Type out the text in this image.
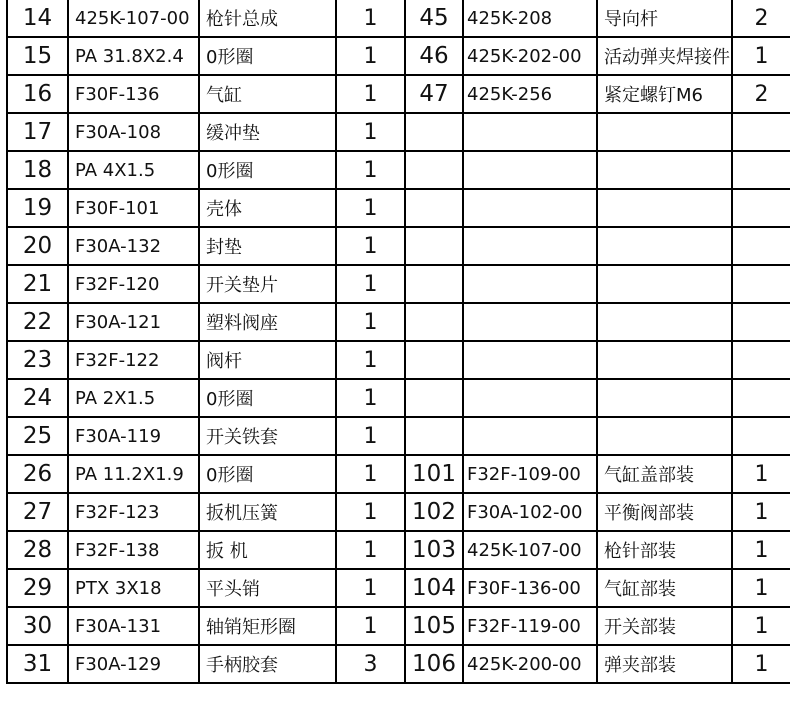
14	425K-107-00	枪针总成	1	45	425K-208	导向杆	2
15	PA 31.8X2.4	0形圈	1	46	425K-202-00	活动弹夹焊接件	1
16	F30F-136	气缸	1	47	425K-256	紧定螺钉M6	2
17	F30A-108	缓冲垫	1				
18	PA 4X1.5	0形圈	1				
19	F30F-101	壳体	1				
20	F30A-132	封垫	1				
21	F32F-120	开关垫片	1				
22	F30A-121	塑料阀座	1				
23	F32F-122	阀杆	1				
24	PA 2X1.5	0形圈	1				
25	F30A-119	开关铁套	1				
26	PA 11.2X1.9	0形圈	1	101	F32F-109-00	气缸盖部装	1
27	F32F-123	扳机压簧	1	102	F30A-102-00	平衡阀部装	1
28	F32F-138	扳 机	1	103	425K-107-00	枪针部装	1
29	PTX 3X18	平头销	1	104	F30F-136-00	气缸部装	1
30	F30A-131	轴销矩形圈	1	105	F32F-119-00	开关部装	1
31	F30A-129	手柄胶套	3	106	425K-200-00	弹夹部装	1
